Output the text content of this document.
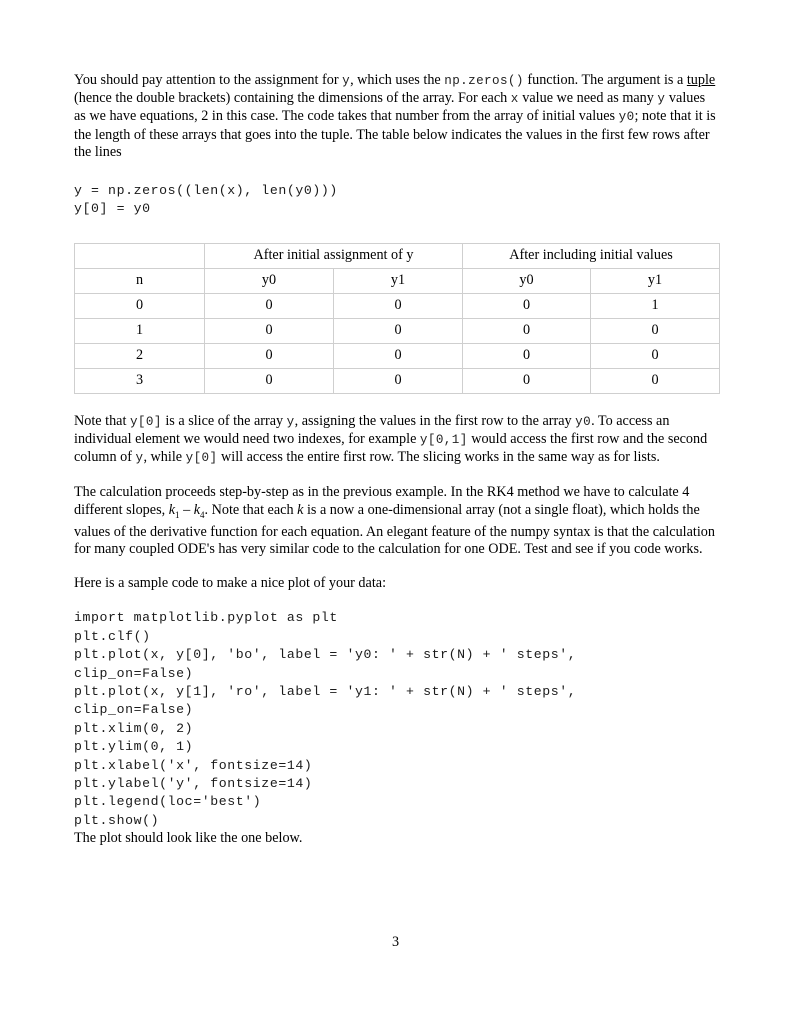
You should pay attention to the assignment for y, which uses the np.zeros() function. The argument is a tuple (hence the double brackets) containing the dimensions of the array. For each x value we need as many y values as we have equations, 2 in this case. The code takes that number from the array of initial values y0; note that it is the length of these arrays that goes into the tuple. The table below indicates the values in the first few rows after the lines

y = np.zeros((len(x), len(y0)))
y[0] = y0
	After initial assignment of y		After including initial values	
n	y0	y1	y0	y1
0	0	0	0	1
1	0	0	0	0
2	0	0	0	0
3	0	0	0	0

Note that y[0] is a slice of the array y, assigning the values in the first row to the array y0. To access an individual element we would need two indexes, for example y[0,1] would access the first row and the second column of y, while y[0] will access the entire first row. The slicing works in the same way as for lists.

The calculation proceeds step-by-step as in the previous example. In the RK4 method we have to calculate 4 different slopes, $k_1 - k_4$. Note that each k is a now a one-dimensional array (not a single float), which holds the values of the derivative function for each equation. An elegant feature of the numpy syntax is that the calculation for many coupled ODE's has very similar code to the calculation for one ODE. Test and see if you code works.

Here is a sample code to make a nice plot of your data:

import matplotlib.pyplot as plt
plt.clf()
plt.plot(x, y[0], 'bo', label = 'y0: ' + str(N) + ' steps',
clip_on=False)
plt.plot(x, y[1], 'ro', label = 'y1: ' + str(N) + ' steps',
clip_on=False)
plt.xlim(0, 2)
plt.ylim(0, 1)
plt.xlabel('x', fontsize=14)
plt.ylabel('y', fontsize=14)
plt.legend(loc='best')
plt.show()

The plot should look like the one below.

3
